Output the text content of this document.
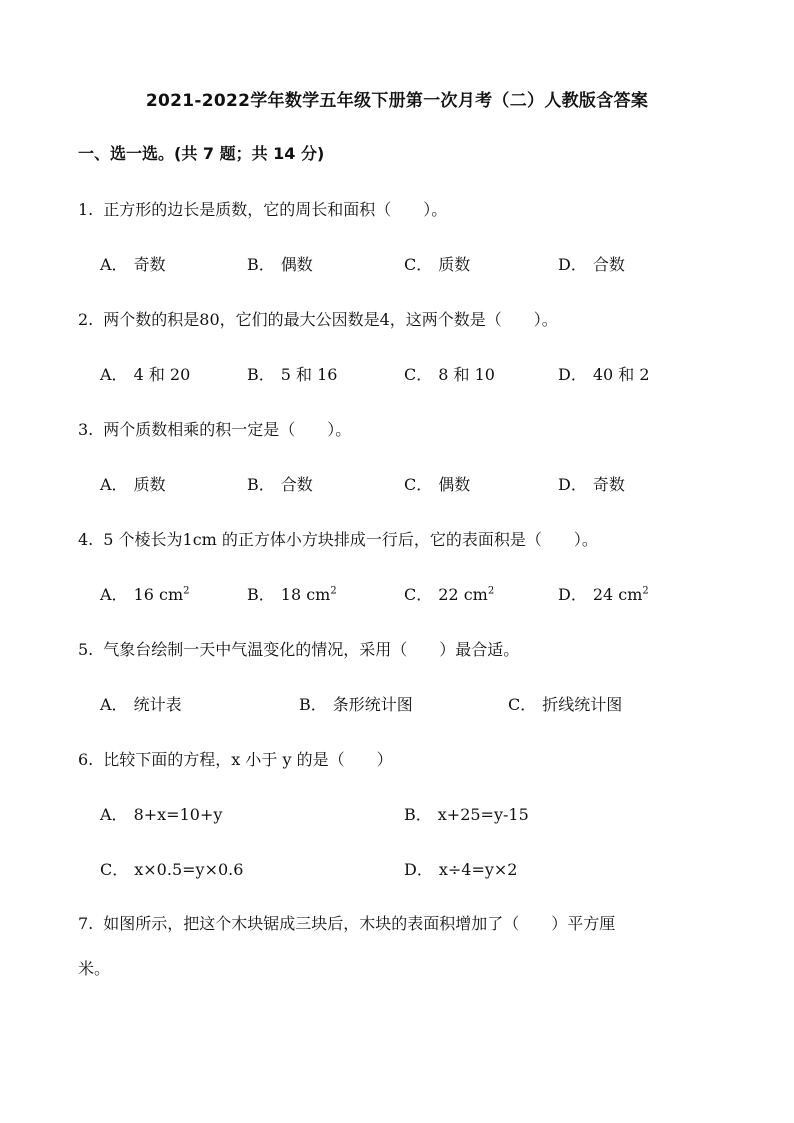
2021-2022学年数学五年级下册第一次月考（二）人教版含答案
一、选一选。(共 7 题；共 14 分)
1. 正方形的边长是质数，它的周长和面积（　　）。
A． 奇数	B． 偶数	C． 质数	D． 合数
2. 两个数的积是80，它们的最大公因数是4，这两个数是（　　）。
A． 4 和 20	B． 5 和 16	C． 8 和 10	D． 40 和 2
3. 两个质数相乘的积一定是（　　）。
A． 质数	B． 合数	C． 偶数	D． 奇数
4. 5 个棱长为1cm 的正方体小方块排成一行后，它的表面积是（　　）。
A． 16 $cm^2$	B． 18 $cm^2$	C． 22 $cm^2$	D． 24 $cm^2$
5. 气象台绘制一天中气温变化的情况，采用（　　）最合适。
A． 统计表	B． 条形统计图	C． 折线统计图
6. 比较下面的方程，x 小于 y 的是（　　）
A． 8+x=10+y	B． x+25=y-15
C． x×0.5=y×0.6	D． x÷4=y×2
7. 如图所示，把这个木块锯成三块后，木块的表面积增加了（　　）平方厘
米。
